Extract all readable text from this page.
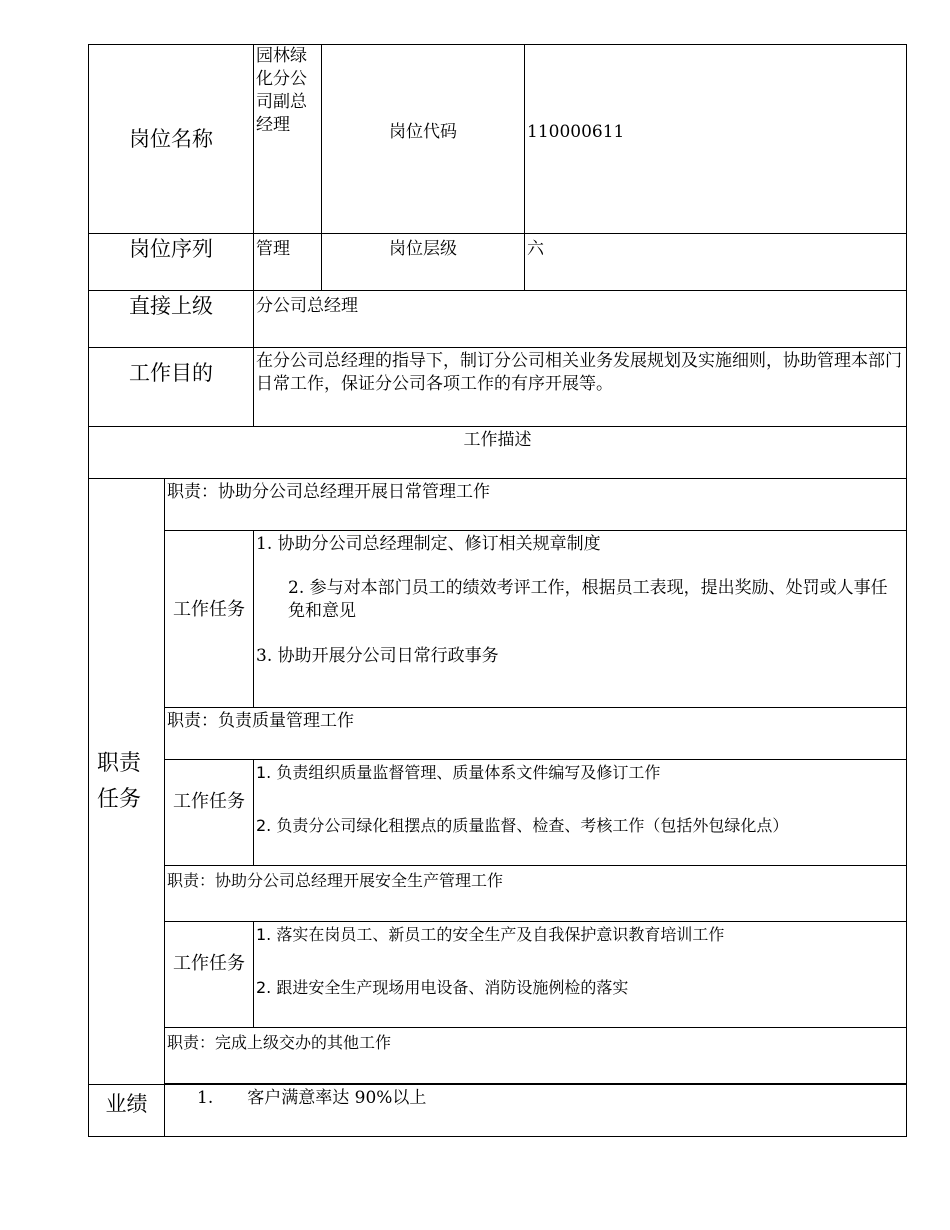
岗位名称		园林绿化分公司副总经理	岗位代码	110000611
岗位序列		管理	岗位层级	六
直接上级		分公司总经理		
工作目的		在分公司总经理的指导下，制订分公司相关业务发展规划及实施细则，协助管理本部门日常工作，保证分公司各项工作的有序开展等。		
工作描述				

职责任务	职责：协助分公司总经理开展日常管理工作			
	工作任务	1. 协助分公司总经理制定、修订相关规章制度
2. 参与对本部门员工的绩效考评工作，根据员工表现，提出奖励、处罚或人事任免和意见
3. 协助开展分公司日常行政事务		

	职责：负责质量管理工作			
	工作任务	1. 负责组织质量监督管理、质量体系文件编写及修订工作
2. 负责分公司绿化租摆点的质量监督、检查、考核工作（包括外包绿化点）		

	职责：协助分公司总经理开展安全生产管理工作			
	工作任务	1. 落实在岗员工、新员工的安全生产及自我保护意识教育培训工作
2. 跟进安全生产现场用电设备、消防设施例检的落实		

	职责：完成上级交办的其他工作			

业绩	1.　　客户满意率达 90%以上			
